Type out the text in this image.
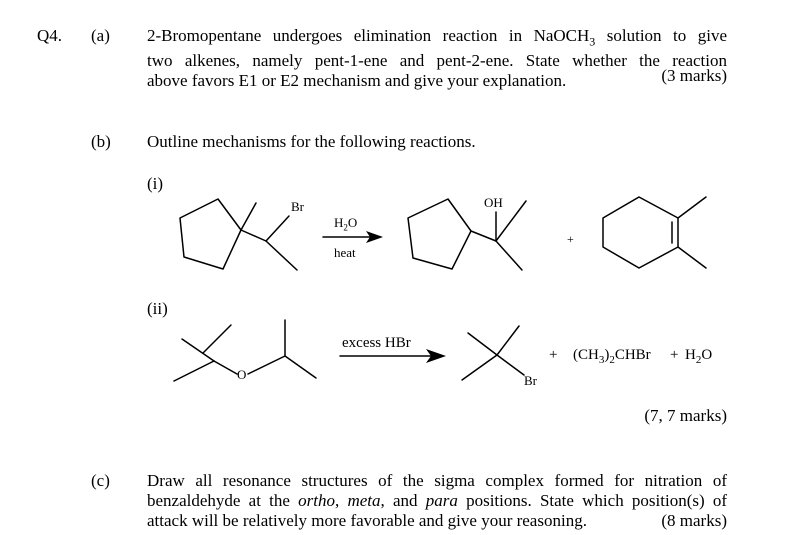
Q4. (a) 2-Bromopentane undergoes elimination reaction in NaOCH$_3$ solution to give
two alkenes, namely pent-1-ene and pent-2-ene. State whether the reaction
above favors E1 or E2 mechanism and give your explanation.	(3 marks)
(b) Outline mechanisms for the following reactions.
(i)
(ii)
Br
$H_2O$
heat
OH
+
O
excess HBr
Br
+ $(CH_3)_2CHBr + H_2O$
(7, 7 marks)
(c) Draw all resonance structures of the sigma complex formed for nitration of
benzaldehyde at the ortho, meta, and para positions. State which position(s) of
attack will be relatively more favorable and give your reasoning.	(8 marks)
